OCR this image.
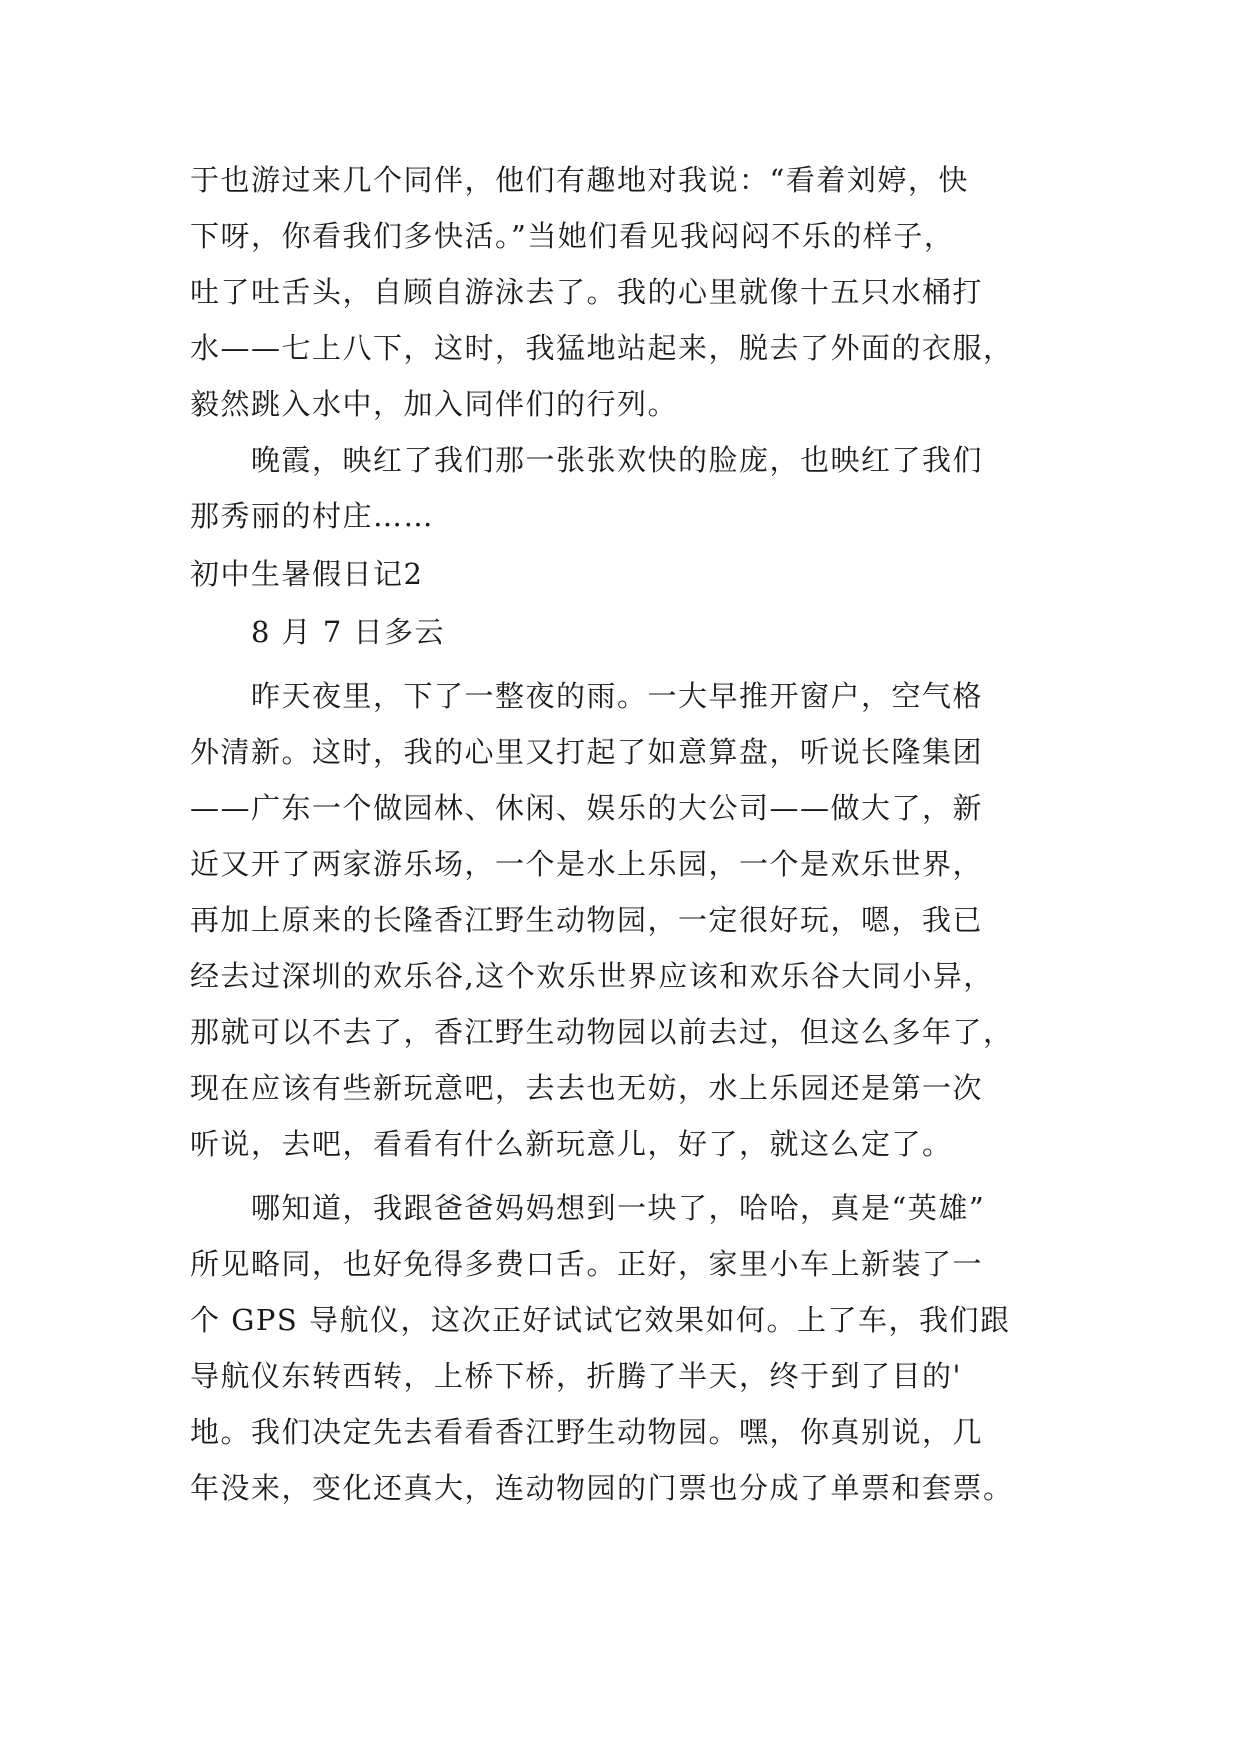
于也游过来几个同伴，他们有趣地对我说：“看着刘婷，快
下呀，你看我们多快活。”当她们看见我闷闷不乐的样子，
吐了吐舌头，自顾自游泳去了。我的心里就像十五只水桶打
水——七上八下，这时，我猛地站起来，脱去了外面的衣服，
毅然跳入水中，加入同伴们的行列。
　　晚霞，映红了我们那一张张欢快的脸庞，也映红了我们
那秀丽的村庄……
初中生暑假日记2
　　8 月 7 日多云
　　昨天夜里，下了一整夜的雨。一大早推开窗户，空气格
外清新。这时，我的心里又打起了如意算盘，听说长隆集团
——广东一个做园林、休闲、娱乐的大公司——做大了，新
近又开了两家游乐场，一个是水上乐园，一个是欢乐世界，
再加上原来的长隆香江野生动物园，一定很好玩，嗯，我已
经去过深圳的欢乐谷,这个欢乐世界应该和欢乐谷大同小异，
那就可以不去了，香江野生动物园以前去过，但这么多年了，
现在应该有些新玩意吧，去去也无妨，水上乐园还是第一次
听说，去吧，看看有什么新玩意儿，好了，就这么定了。
　　哪知道，我跟爸爸妈妈想到一块了，哈哈，真是“英雄”
所见略同，也好免得多费口舌。正好，家里小车上新装了一
个 GPS 导航仪，这次正好试试它效果如何。上了车，我们跟
导航仪东转西转，上桥下桥，折腾了半天，终于到了目的'
地。我们决定先去看看香江野生动物园。嘿，你真别说，几
年没来，变化还真大，连动物园的门票也分成了单票和套票。
